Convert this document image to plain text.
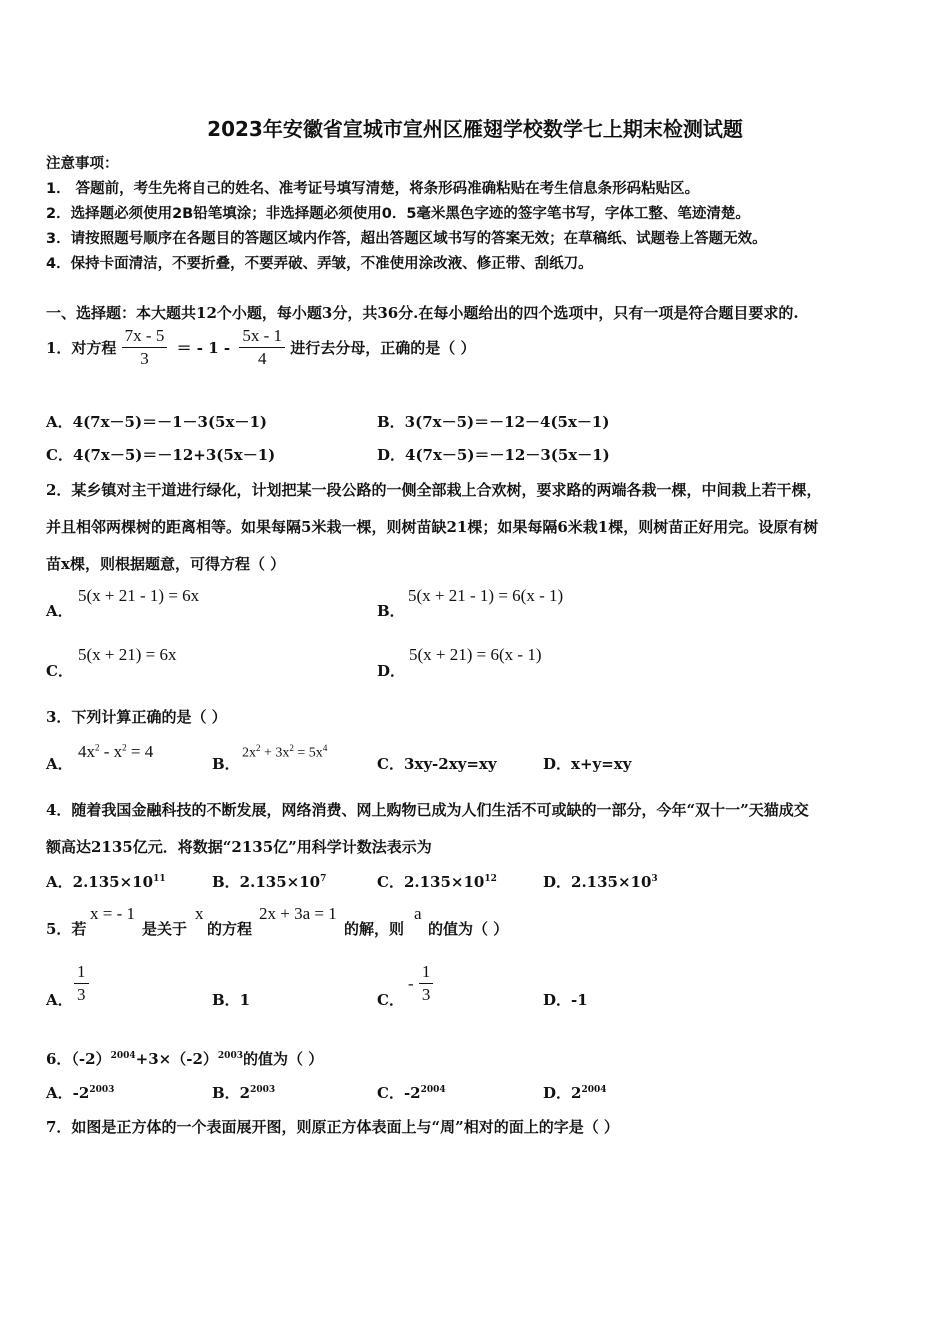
2023年安徽省宣城市宣州区雁翅学校数学七上期末检测试题
注意事项：
1． 答题前，考生先将自己的姓名、准考证号填写清楚，将条形码准确粘贴在考生信息条形码粘贴区。
2．选择题必须使用2B铅笔填涂；非选择题必须使用0．5毫米黑色字迹的签字笔书写，字体工整、笔迹清楚。
3．请按照题号顺序在各题目的答题区域内作答，超出答题区域书写的答案无效；在草稿纸、试题卷上答题无效。
4．保持卡面清洁，不要折叠，不要弄破、弄皱，不准使用涂改液、修正带、刮纸刀。
一、选择题：本大题共12个小题，每小题3分，共36分.在每小题给出的四个选项中，只有一项是符合题目要求的.
1．对方程 $\frac{7x - 5}{3}$ ＝ - $1 - \frac{5x - 1}{4}$ 进行去分母，正确的是（ ）
A．4(7x－5)＝－1－3(5x－1)	B．3(7x－5)＝－12－4(5x－1)
C．4(7x－5)＝－12+3(5x－1)	D．4(7x－5)＝－12－3(5x－1)
2．某乡镇对主干道进行绿化，计划把某一段公路的一侧全部栽上合欢树，要求路的两端各栽一棵，中间栽上若干棵，
并且相邻两棵树的距离相等。如果每隔5米栽一棵，则树苗缺21棵；如果每隔6米栽1棵，则树苗正好用完。设原有树
苗x棵，则根据题意，可得方程（ ）
A．
5(x + 21 - 1) = 6x
B．
5(x + 21 - 1) = 6(x - 1)
C．
5(x + 21) = 6x
D．
5(x + 21) = 6(x - 1)
3．下列计算正确的是（ ）
A．
$4x^2 - x^2 = 4$
B．
$2x^2 + 3x^2 = 5x^4$
C．3xy-2xy=xy	D．x+y=xy
4．随着我国金融科技的不断发展，网络消费、网上购物已成为人们生活不可或缺的一部分，今年“双十一”天猫成交
额高达2135亿元．将数据“2135亿”用科学计数法表示为
A．$2.135\times 10^{11}$	B．$2.135\times 10^7$	C．$2.135\times 10^{12}$	D．$2.135\times 10^3$
5．若
x = - 1
是关于
x
的方程
2x + 3a = 1
的解，则
a
的值为（ ）
A． $\frac{1}{3}$	B．1	C．
- $\frac{1}{3}$	D．-1
6．$(-2)^{2004}+3\times(-2)^{2003}$的值为（ ）
A．$-2^{2003}$	B．$2^{2003}$	C．$-2^{2004}$	D．$2^{2004}$
7．如图是正方体的一个表面展开图，则原正方体表面上与“周”相对的面上的字是（ ）
